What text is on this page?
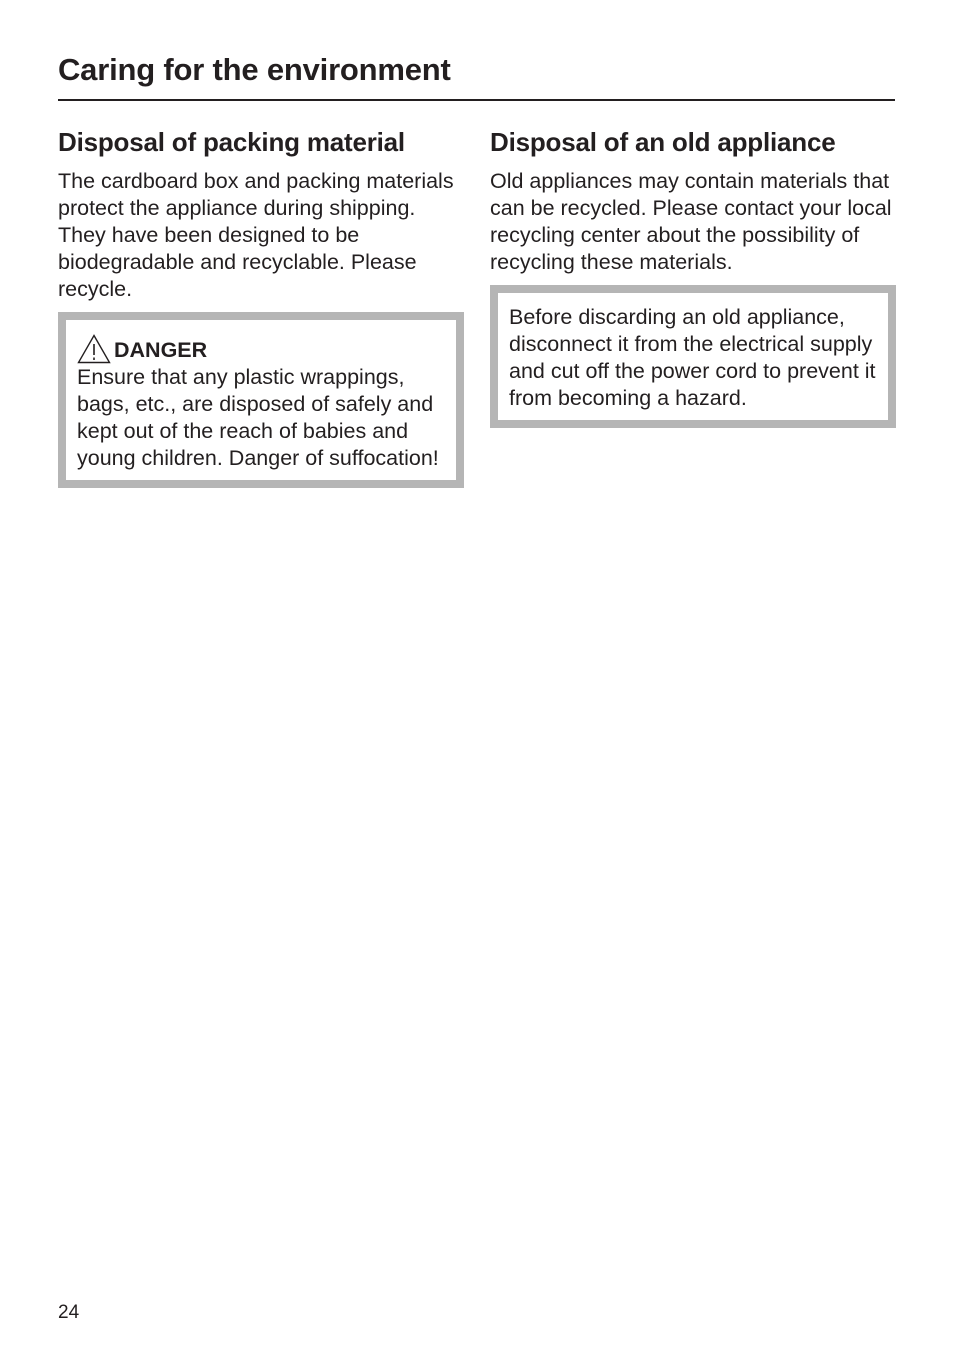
Caring for the environment
Disposal of packing material

The cardboard box and packing materials protect the appliance during shipping. They have been designed to be biodegradable and recyclable. Please recycle.

DANGER

Ensure that any plastic wrappings, bags, etc., are disposed of safely and kept out of the reach of babies and young children. Danger of suffocation!

Disposal of an old appliance

Old appliances may contain materials that can be recycled. Please contact your local recycling center about the possibility of recycling these materials.

Before discarding an old appliance, disconnect it from the electrical supply and cut off the power cord to prevent it from becoming a hazard.

24
